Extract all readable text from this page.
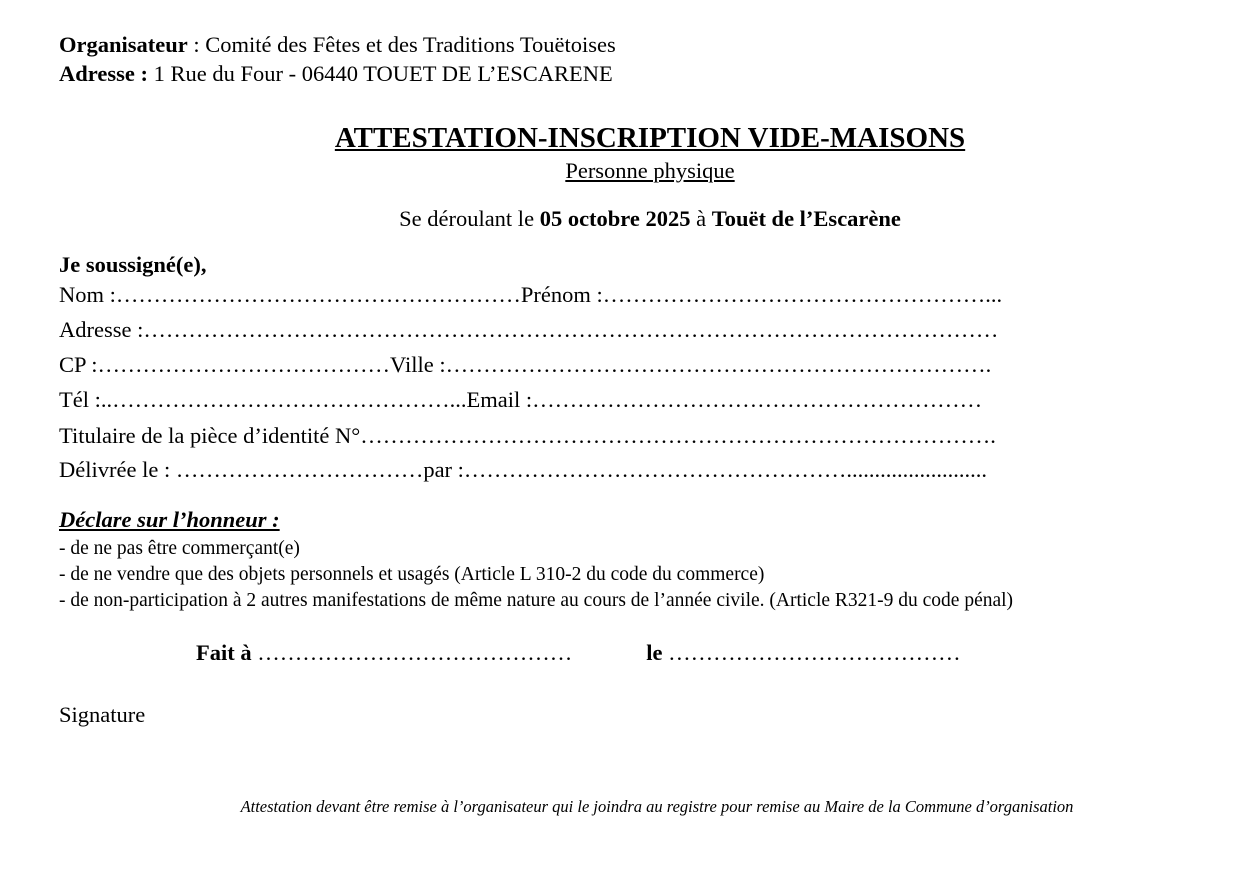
Organisateur : Comité des Fêtes et des Traditions Touëtoises
Adresse : 1 Rue du Four - 06440 TOUET DE L’ESCARENE
ATTESTATION-INSCRIPTION VIDE-MAISONS
Personne physique
Se déroulant le 05 octobre 2025 à Touët de l’Escarène
Je soussigné(e),
Nom :………………………………………………Prénom :……………………………………………...
Adresse :……………………………………………………………………………………………………
CP :…………………………………Ville :……………………………………………………………….
Tél :..………………………………………...Email :……………………………………………………
Titulaire de la pièce d’identité N°………………………………………………………………………….
Délivrée le : ……………………………par :…………………………………………….........................
Déclare sur l’honneur :
- de ne pas être commerçant(e)
- de ne vendre que des objets personnels et usagés (Article L 310-2 du code du commerce)
- de non-participation à 2 autres manifestations de même nature au cours de l’année civile. (Article R321-9 du code pénal)
Fait à ……………………………………	le …………………………………
Signature
Attestation devant être remise à l’organisateur qui le joindra au registre pour remise au Maire de la Commune d’organisation
